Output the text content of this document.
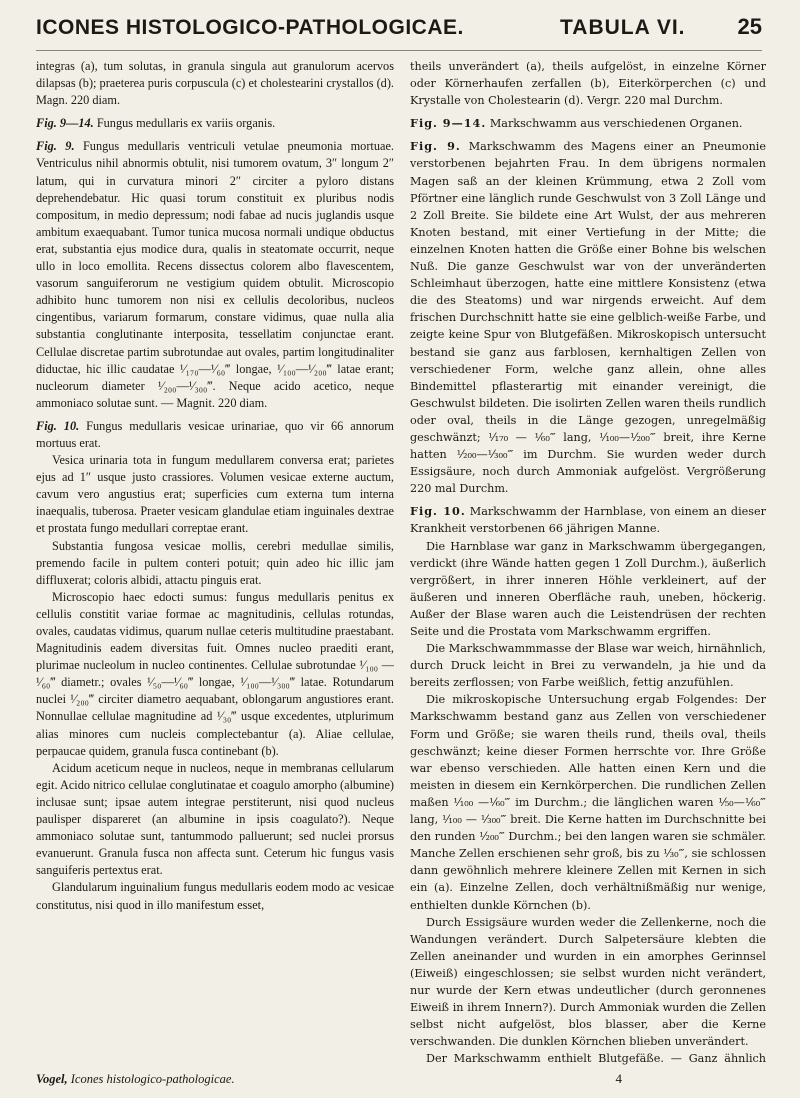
ICONES HISTOLOGICO-PATHOLOGICAE.	TABULA VI. 25

integras (a), tum solutas, in granula singula aut granulorum acervos dilapsas (b); praeterea puris corpuscula (c) et cholestearini crystallos (d). Magn. 220 diam.

Fig. 9—14. Fungus medullaris ex variis organis.

Fig. 9. Fungus medullaris ventriculi vetulae pneumonia mortuae. Ventriculus nihil abnormis obtulit, nisi tumorem ovatum, 3″ longum 2″ latum, qui in curvatura minori 2″ circiter a pyloro distans deprehendebatur. Hic quasi torum constituit ex pluribus nodis compositum, in medio depressum; nodi fabae ad nucis juglandis usque ambitum exaequabant. Tumor tunica mucosa normali undique obductus erat, substantia ejus modice dura, qualis in steatomate occurrit, neque ullo in loco emollita. Recens dissectus colorem albo flavescentem, vasorum sanguiferorum ne vestigium quidem obtulit. Microscopio adhibito hunc tumorem non nisi ex cellulis decoloribus, nucleos cingentibus, variarum formarum, constare vidimus, quae nulla alia substantia conglutinante interposita, tessellatim conjunctae erant. Cellulae discretae partim subrotundae aut ovales, partim longitudinaliter diductae, hic illic caudatae ¹⁄₁₇₀—¹⁄₆₀‴ longae, ¹⁄₁₀₀—¹⁄₂₀₀‴ latae erant; nucleorum diameter ¹⁄₂₀₀—¹⁄₃₀₀‴. Neque acido acetico, neque ammoniaco solutae sunt. — Magnit. 220 diam.

Fig. 10. Fungus medullaris vesicae urinariae, quo vir 66 annorum mortuus erat.

Vesica urinaria tota in fungum medullarem conversa erat; parietes ejus ad 1″ usque justo crassiores. Volumen vesicae externe auctum, cavum vero angustius erat; superficies cum externa tum interna inaequalis, tuberosa. Praeter vesicam glandulae etiam inguinales dextrae et prostata fungo medullari correptae erant.

Substantia fungosa vesicae mollis, cerebri medullae similis, premendo facile in pultem conteri potuit; quin adeo hic illic jam diffluxerat; coloris albidi, attactu pinguis erat.

Microscopio haec edocti sumus: fungus medullaris penitus ex cellulis constitit variae formae ac magnitudinis, cellulas rotundas, ovales, caudatas vidimus, quarum nullae ceteris multitudine praestabant. Magnitudinis eadem diversitas fuit. Omnes nucleo praediti erant, plurimae nucleolum in nucleo continentes. Cellulae subrotundae ¹⁄₁₀₀ — ¹⁄₆₀‴ diametr.; ovales ¹⁄₅₀—¹⁄₆₀‴ longae, ¹⁄₁₀₀—¹⁄₃₀₀‴ latae. Rotundarum nuclei ¹⁄₂₀₀‴ circiter diametro aequabant, oblongarum angustiores erant. Nonnullae cellulae magnitudine ad ¹⁄₃₀‴ usque excedentes, utplurimum alias minores cum nucleis complectebantur (a). Aliae cellulae, perpaucae quidem, granula fusca continebant (b).

Acidum aceticum neque in nucleos, neque in membranas cellularum egit. Acido nitrico cellulae conglutinatae et coagulo amorpho (albumine) inclusae sunt; ipsae autem integrae perstiterunt, nisi quod nucleus paulisper dispareret (an albumine in ipsis coagulato?). Neque ammoniaco solutae sunt, tantummodo palluerunt; sed nuclei prorsus evanuerunt. Granula fusca non affecta sunt. Ceterum hic fungus vasis sanguiferis pertextus erat.

Glandularum inguinalium fungus medullaris eodem modo ac vesicae constitutus, nisi quod in illo manifestum esset,

theils unverändert (a), theils aufgelöst, in einzelne Körner oder Körnerhaufen zerfallen (b), Eiterkörperchen (c) und Krystalle von Cholestearin (d). Vergr. 220 mal Durchm.

Fig. 9—14. Markschwamm aus verschiedenen Organen.

Fig. 9. Markschwamm des Magens einer an Pneumonie verstorbenen bejahrten Frau. In dem übrigens normalen Magen saß an der kleinen Krümmung, etwa 2 Zoll vom Pförtner eine länglich runde Geschwulst von 3 Zoll Länge und 2 Zoll Breite. Sie bildete eine Art Wulst, der aus mehreren Knoten bestand, mit einer Vertiefung in der Mitte; die einzelnen Knoten hatten die Größe einer Bohne bis welschen Nuß. Die ganze Geschwulst war von der unveränderten Schleimhaut überzogen, hatte eine mittlere Konsistenz (etwa die des Steatoms) und war nirgends erweicht. Auf dem frischen Durchschnitt hatte sie eine gelblich-weiße Farbe, und zeigte keine Spur von Blutgefäßen. Mikroskopisch untersucht bestand sie ganz aus farblosen, kernhaltigen Zellen von verschiedener Form, welche ganz allein, ohne alles Bindemittel pflasterartig mit einander vereinigt, die Geschwulst bildeten. Die isolirten Zellen waren theils rundlich oder oval, theils in die Länge gezogen, unregelmäßig geschwänzt; ¹⁄₁₇₀ — ¹⁄₆₀‴ lang, ¹⁄₁₀₀—¹⁄₂₀₀‴ breit, ihre Kerne hatten ¹⁄₂₀₀—¹⁄₃₀₀‴ im Durchm. Sie wurden weder durch Essigsäure, noch durch Ammoniak aufgelöst. Vergrößerung 220 mal Durchm.

Fig. 10. Markschwamm der Harnblase, von einem an dieser Krankheit verstorbenen 66 jährigen Manne.

Die Harnblase war ganz in Markschwamm übergegangen, verdickt (ihre Wände hatten gegen 1 Zoll Durchm.), äußerlich vergrößert, in ihrer inneren Höhle verkleinert, auf der äußeren und inneren Oberfläche rauh, uneben, höckerig. Außer der Blase waren auch die Leistendrüsen der rechten Seite und die Prostata vom Markschwamm ergriffen.

Die Markschwammmasse der Blase war weich, hirnähnlich, durch Druck leicht in Brei zu verwandeln, ja hie und da bereits zerflossen; von Farbe weißlich, fettig anzufühlen.

Die mikroskopische Untersuchung ergab Folgendes: Der Markschwamm bestand ganz aus Zellen von verschiedener Form und Größe; sie waren theils rund, theils oval, theils geschwänzt; keine dieser Formen herrschte vor. Ihre Größe war ebenso verschieden. Alle hatten einen Kern und die meisten in diesem ein Kernkörperchen. Die rundlichen Zellen maßen ¹⁄₁₀₀ —¹⁄₆₀‴ im Durchm.; die länglichen waren ¹⁄₅₀—¹⁄₆₀‴ lang, ¹⁄₁₀₀ — ¹⁄₃₀₀‴ breit. Die Kerne hatten im Durchschnitte bei den runden ¹⁄₂₀₀‴ Durchm.; bei den langen waren sie schmäler. Manche Zellen erschienen sehr groß, bis zu ¹⁄₃₀‴, sie schlossen dann gewöhnlich mehrere kleinere Zellen mit Kernen in sich ein (a). Einzelne Zellen, doch verhältnißmäßig nur wenige, enthielten dunkle Körnchen (b).

Durch Essigsäure wurden weder die Zellenkerne, noch die Wandungen verändert. Durch Salpetersäure klebten die Zellen aneinander und wurden in ein amorphes Gerinnsel (Eiweiß) eingeschlossen; sie selbst wurden nicht verändert, nur wurde der Kern etwas undeutlicher (durch geronnenes Eiweiß in ihrem Innern?). Durch Ammoniak wurden die Zellen selbst nicht aufgelöst, blos blasser, aber die Kerne verschwanden. Die dunklen Körnchen blieben unverändert.

Der Markschwamm enthielt Blutgefäße. — Ganz ähnlich

Vogel, Icones histologico-pathologicae.	4
